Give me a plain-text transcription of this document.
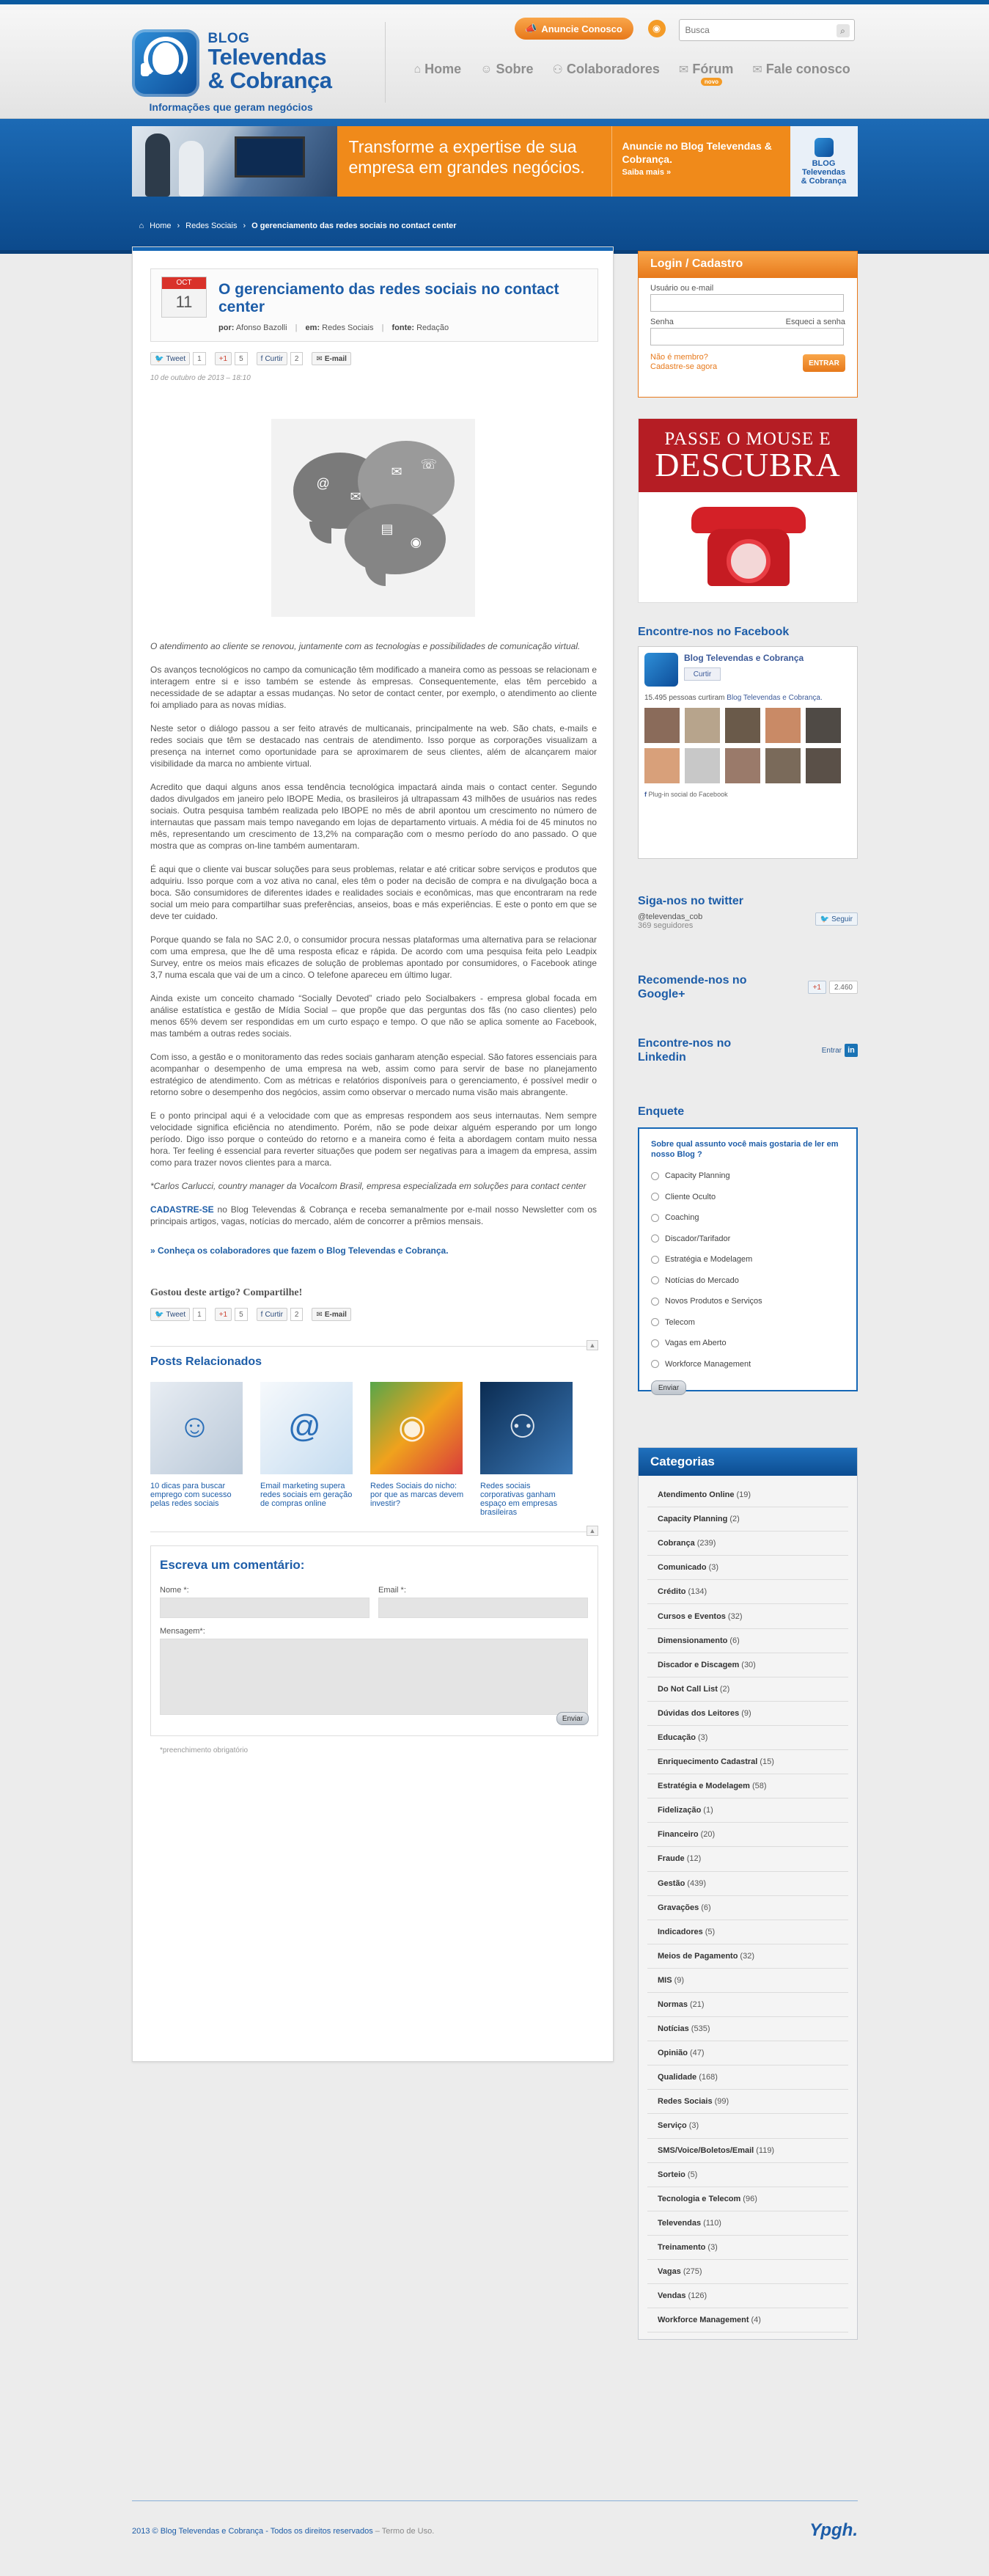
BLOG
Televendas
& Cobrança
Informações que geram negócios
📣 Anuncie Conosco	◉
Busca	⌕
⌂ Home ☺ Sobre ⚇ Colaboradores ✉ Fórum
novo
✉ Fale conosco
Transforme a expertise de sua empresa em grandes negócios.
Anuncie no Blog Televendas & Cobrança.
Saiba mais »
BLOG
Televendas
& Cobrança
⌂ Home › Redes Sociais › O gerenciamento das redes sociais no contact center
OCT
11
O gerenciamento das redes sociais no contact center
por: Afonso Bazolli | em: Redes Sociais | fonte: Redação
🐦 Tweet	1	+1	5	f Curtir	2	✉ E-mail
10 de outubro de 2013 – 18:10
@
✉
✉ ☏
▤
◉

O atendimento ao cliente se renovou, juntamente com as tecnologias e possibilidades de comunicação virtual.

Os avanços tecnológicos no campo da comunicação têm modificado a maneira como as pessoas se relacionam e interagem entre si e isso também se estende às empresas. Consequentemente, elas têm percebido a necessidade de se adaptar a essas mudanças. No setor de contact center, por exemplo, o atendimento ao cliente foi ampliado para as novas mídias.

Neste setor o diálogo passou a ser feito através de multicanais, principalmente na web. São chats, e-mails e redes sociais que têm se destacado nas centrais de atendimento. Isso porque as corporações visualizam a presença na internet como oportunidade para se aproximarem de seus clientes, além de alcançarem maior visibilidade da marca no ambiente virtual.

Acredito que daqui alguns anos essa tendência tecnológica impactará ainda mais o contact center. Segundo dados divulgados em janeiro pelo IBOPE Media, os brasileiros já ultrapassam 43 milhões de usuários nas redes sociais. Outra pesquisa também realizada pelo IBOPE no mês de abril apontou um crescimento no número de internautas que passam mais tempo navegando em lojas de departamento virtuais. A média foi de 45 minutos no mês, representando um crescimento de 13,2% na comparação com o mesmo período do ano passado. O que mostra que as compras on-line também aumentaram.

É aqui que o cliente vai buscar soluções para seus problemas, relatar e até criticar sobre serviços e produtos que adquiriu. Isso porque com a voz ativa no canal, eles têm o poder na decisão de compra e na divulgação boca a boca. São consumidores de diferentes idades e realidades sociais e econômicas, mas que encontraram na rede social um meio para compartilhar suas preferências, anseios, boas e más experiências. E este o ponto em que se deve ter cuidado.

Porque quando se fala no SAC 2.0, o consumidor procura nessas plataformas uma alternativa para se relacionar com uma empresa, que lhe dê uma resposta eficaz e rápida. De acordo com uma pesquisa feita pelo Leadpix Survey, entre os meios mais eficazes de solução de problemas apontado por consumidores, o Facebook atinge 3,7 numa escala que vai de um a cinco. O telefone apareceu em último lugar.

Ainda existe um conceito chamado “Socially Devoted” criado pelo Socialbakers - empresa global focada em análise estatística e gestão de Mídia Social – que propõe que das perguntas dos fãs (no caso clientes) pelo menos 65% devem ser respondidas em um curto espaço e tempo. O que não se aplica somente ao Facebook, mas também a outras redes sociais.

Com isso, a gestão e o monitoramento das redes sociais ganharam atenção especial. São fatores essenciais para acompanhar o desempenho de uma empresa na web, assim como para servir de base no planejamento estratégico de atendimento. Com as métricas e relatórios disponíveis para o gerenciamento, é possível medir o retorno sobre o desempenho dos negócios, assim como observar o mercado numa visão mais abrangente.

E o ponto principal aqui é a velocidade com que as empresas respondem aos seus internautas. Nem sempre velocidade significa eficiência no atendimento. Porém, não se pode deixar alguém esperando por um longo período. Digo isso porque o conteúdo do retorno e a maneira como é feita a abordagem contam muito nessa hora. Ter feeling é essencial para reverter situações que podem ser negativas para a imagem da empresa, assim como para trazer novos clientes para a marca.

*Carlos Carlucci, country manager da Vocalcom Brasil, empresa especializada em soluções para contact center

CADASTRE-SE no Blog Televendas & Cobrança e receba semanalmente por e-mail nosso Newsletter com os principais artigos, vagas, notícias do mercado, além de concorrer a prêmios mensais.

» Conheça os colaboradores que fazem o Blog Televendas e Cobrança.

Gostou deste artigo? Compartilhe!
🐦 Tweet	1	+1	5	f Curtir	2	✉ E-mail
▲
Posts Relacionados
☺
10 dicas para buscar emprego com sucesso pelas redes sociais
@
Email marketing supera redes sociais em geração de compras online
◉
Redes Sociais do nicho: por que as marcas devem investir?
⚇
Redes sociais corporativas ganham espaço em empresas brasileiras
▲
Escreva um comentário:
Nome *:	Email *:
Mensagem*:
Enviar
*preenchimento obrigatório
Login / Cadastro
Usuário ou e-mail
Senha	Esqueci a senha
Não é membro?
Cadastre-se agora	ENTRAR
PASSE O MOUSE E
DESCUBRA
Encontre-nos no Facebook
Blog Televendas e Cobrança
Curtir
15.495 pessoas curtiram Blog Televendas e Cobrança.
f Plug-in social do Facebook
Siga-nos no twitter
@televendas_cob
369 seguidores
🐦 Seguir
Recomende-nos no Google+
+1	2.460
Encontre-nos no Linkedin
Entrar in
Enquete
Sobre qual assunto você mais gostaria de ler em nosso Blog ?
Capacity Planning
Cliente Oculto
Coaching
Discador/Tarifador
Estratégia e Modelagem
Notícias do Mercado
Novos Produtos e Serviços
Telecom
Vagas em Aberto
Workforce Management
Enviar
Categorias
Atendimento Online (19)
Capacity Planning (2)
Cobrança (239)
Comunicado (3)
Crédito (134)
Cursos e Eventos (32)
Dimensionamento (6)
Discador e Discagem (30)
Do Not Call List (2)
Dúvidas dos Leitores (9)
Educação (3)
Enriquecimento Cadastral (15)
Estratégia e Modelagem (58)
Fidelização (1)
Financeiro (20)
Fraude (12)
Gestão (439)
Gravações (6)
Indicadores (5)
Meios de Pagamento (32)
MIS (9)
Normas (21)
Notícias (535)
Opinião (47)
Qualidade (168)
Redes Sociais (99)
Serviço (3)
SMS/Voice/Boletos/Email (119)
Sorteio (5)
Tecnologia e Telecom (96)
Televendas (110)
Treinamento (3)
Vagas (275)
Vendas (126)
Workforce Management (4)
2013 © Blog Televendas e Cobrança - Todos os direitos reservados – Termo de Uso.	Ypgh.
